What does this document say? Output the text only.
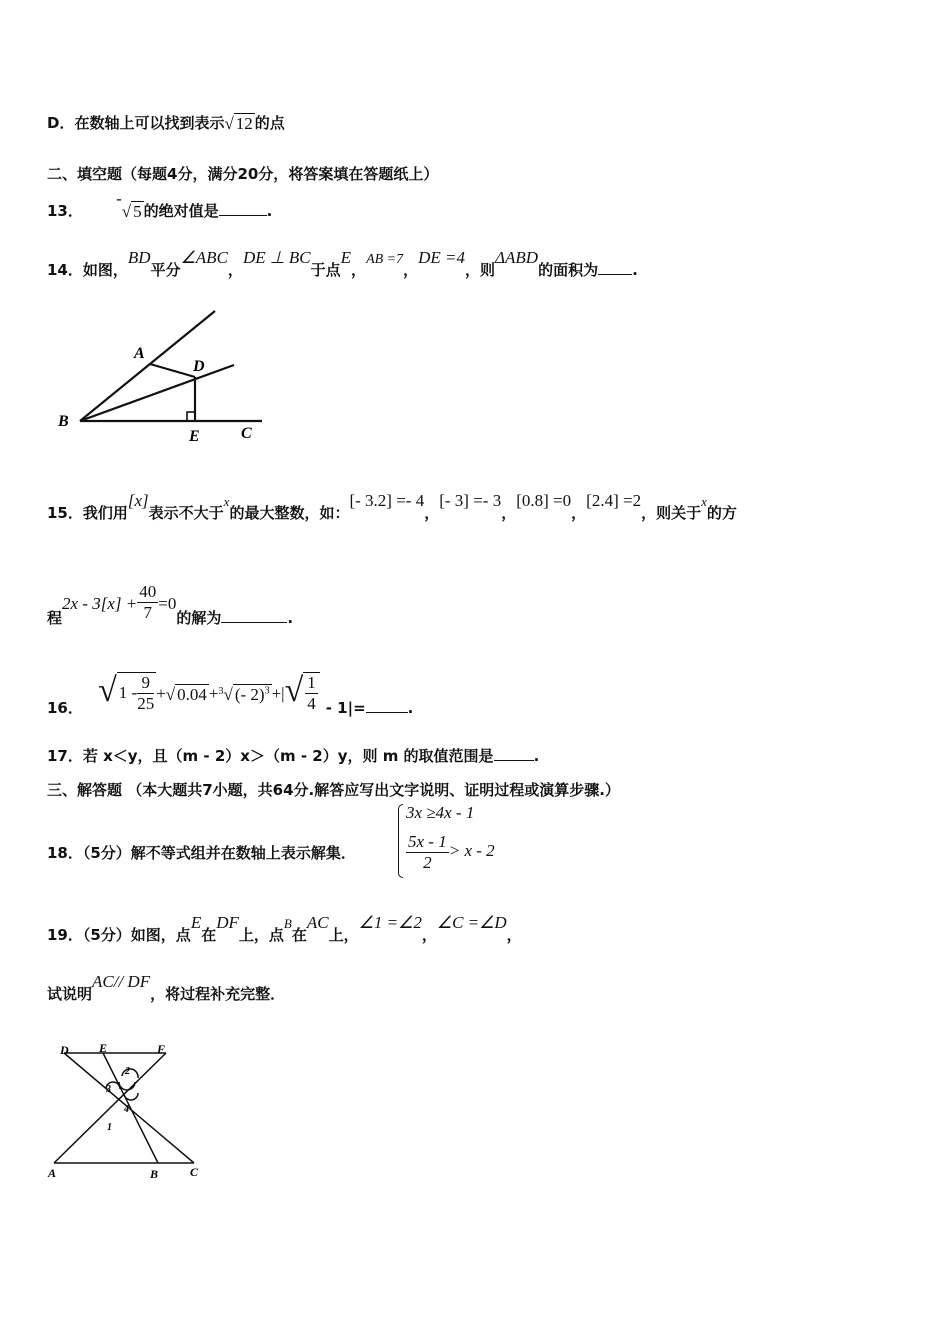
D．在数轴上可以找到表示√ 12 的点
二、填空题（每题4分，满分20分，将答案填在答题纸上）
13． -√ 5 的绝对值是	.
14．如图，BD平分∠ABC，DE ⊥ BC于点E，AB =7，DE =4，则ΔABD的面积为 .
A
D
B
E	C
15．我们用[x]表示不大于x的最大整数，如：[- 3.2] =- 4，[- 3] =- 3，[0.8] =0，[2.4] =2，则关于x的方
程$2x - 3[x] + \frac{40}{7} =0$的解为	.
16． √ $1 - \frac{9}{25}$ +√ 0.04 +$^3$√ (- 2)$^3$ +|√ $\frac{1}{4} - 1|=$	.
17．若 x＜y，且（m - 2）x＞（m - 2）y，则 m 的取值范围是	.
三、解答题 （本大题共7小题，共64分.解答应写出文字说明、证明过程或演算步骤.）
18．（5分）解不等式组并在数轴上表示解集．
3x ≥4x - 1
$\frac{5x - 1}{2} > x - 2$
19．（5分）如图，点E在DF上，点B在AC上，∠1 =∠2，∠C =∠D，
试说明AC// DF，将过程补充完整．
D	E	F
A	B	C
1
2
3
4
